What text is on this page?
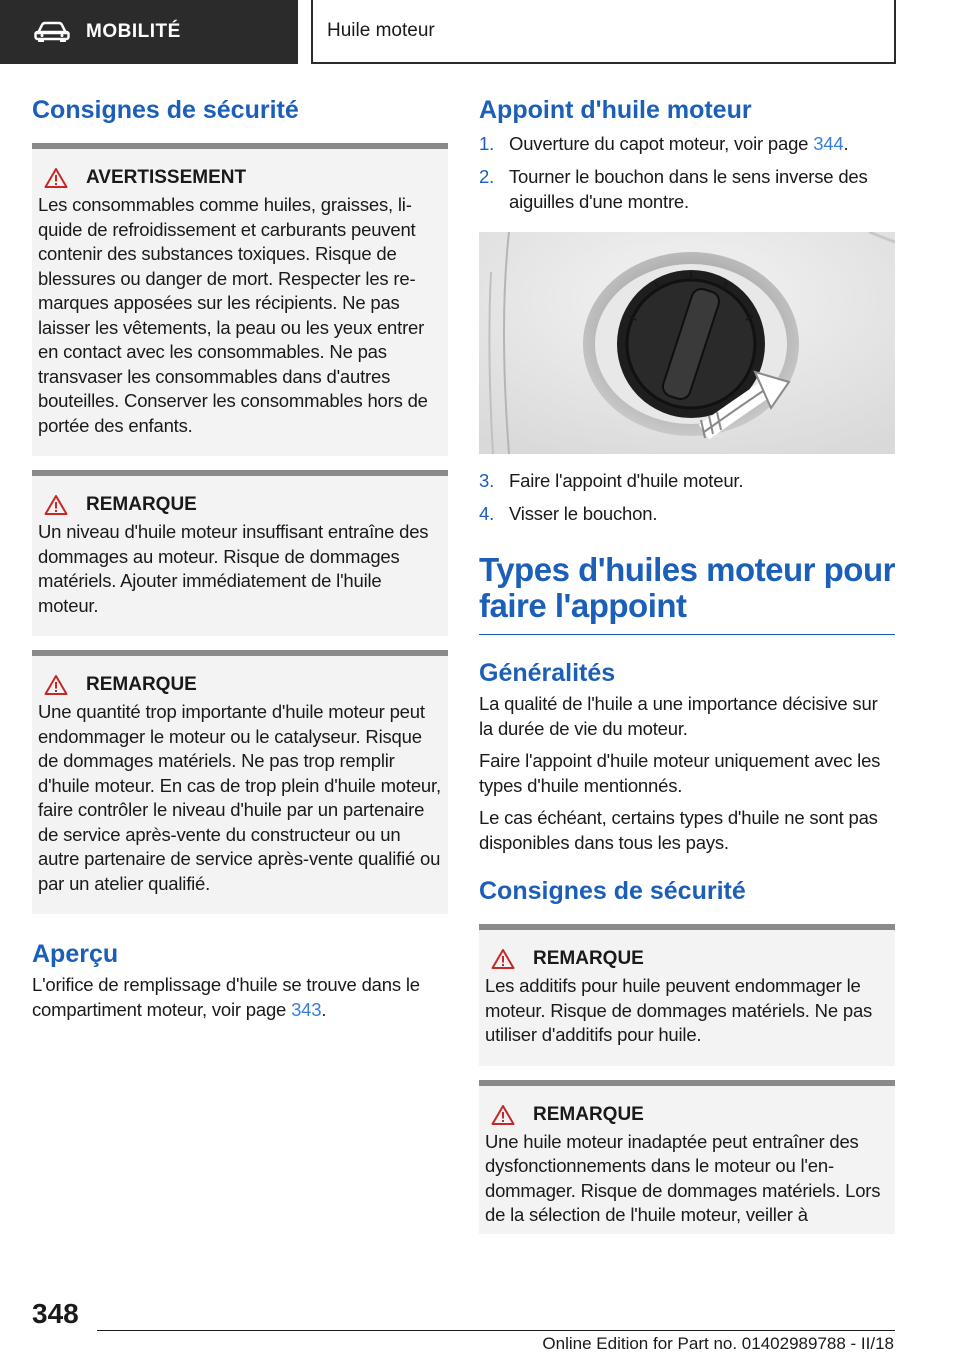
MOBILITÉ	Huile moteur
Consignes de sécurité
AVERTISSEMENT
Les consommables comme huiles, graisses, liquide de refroidissement et carburants peuvent contenir des substances toxiques. Risque de blessures ou danger de mort. Respecter les remarques apposées sur les récipients. Ne pas laisser les vêtements, la peau ou les yeux entrer en contact avec les consommables. Ne pas transvaser les consommables dans d'autres bouteilles. Conserver les consommables hors de portée des enfants.
REMARQUE
Un niveau d'huile moteur insuffisant entraîne des dommages au moteur. Risque de dommages matériels. Ajouter immédiatement de l'huile moteur.
REMARQUE
Une quantité trop importante d'huile moteur peut endommager le moteur ou le catalyseur. Risque de dommages matériels. Ne pas trop remplir d'huile moteur. En cas de trop plein d'huile moteur, faire contrôler le niveau d'huile par un partenaire de service après-vente du constructeur ou un autre partenaire de service après-vente qualifié ou par un atelier qualifié.
Aperçu

L'orifice de remplissage d'huile se trouve dans le compartiment moteur, voir page 343.

Appoint d'huile moteur
1. Ouverture du capot moteur, voir page 344.
2. Tourner le bouchon dans le sens inverse des aiguilles d'une montre.
3. Faire l'appoint d'huile moteur.
4. Visser le bouchon.
Types d'huiles moteur pour faire l'appoint
Généralités

La qualité de l'huile a une importance décisive sur la durée de vie du moteur.

Faire l'appoint d'huile moteur uniquement avec les types d'huile mentionnés.

Le cas échéant, certains types d'huile ne sont pas disponibles dans tous les pays.

Consignes de sécurité
REMARQUE
Les additifs pour huile peuvent endommager le moteur. Risque de dommages matériels. Ne pas utiliser d'additifs pour huile.
REMARQUE
Une huile moteur inadaptée peut entraîner des dysfonctionnements dans le moteur ou l'endommager. Risque de dommages matériels. Lors de la sélection de l'huile moteur, veiller à
348
Online Edition for Part no. 01402989788 - II/18
